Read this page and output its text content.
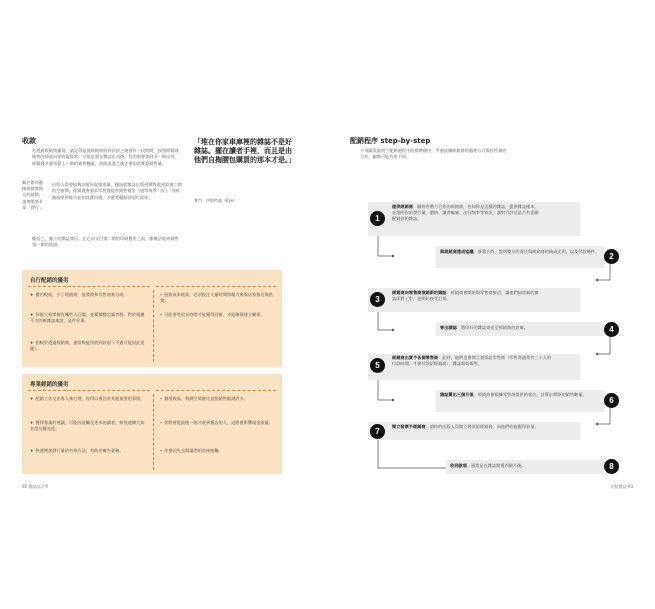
收款
若透過經銷商鋪貨，請記得是從經銷商收到款項之後會有一段時間，按照經銷商販售的情況向你收取貨款。可能是要在雜誌出刊後，有的則會等到下一期出刊，經銷商才會結算上一期的銷售數量，扣除退書之後才會知道實際銷售量。
關於如何選擇經銷商與合約細節，請參閱第８章「發行」。
出版人得要能夠安排好現金流量，撐過從雜誌出版到實際收到款項之間的空窗期，經銷商會要求零售商提供銷售報告（通常每季一次），待經銷商拿到報告並扣除費用後，才會將剩餘款項付給你。
概括之，獨立的雜誌發行，在必須支付第二期的印刷費用之前，都無法收到銷售第一期的款項。
「堆在你家車庫裡的雜誌不是好雜誌。擺在讀者手裡，而且是由他們自掏腰包購買的那本才是。」
實門．伊斯特森（Eye）
自行配銷的優劣
+ 費用較低，少了經銷商、批發商和零售商來分成。
+ 你能大致掌握有哪些人訂閱，並累積穩定讀者群，對於規模不大的新雜誌來說，是件好事。
+ 相較於透過經銷商，通常較能快收到款項（不過可能因此延遲）。
– 投資成本極高，必須投注大量時間和精力來與店家接洽與供貨。
– 可能要等很長時間才能獲得回報，才能確保建立關係。
專業經銷的優劣
+ 配銷工作交由專人來打理，你得以專注於其他重要的事情。
+ 獲得專業的建議，可能因此觸及更多的讀者，如快速擴大知名度及曝光度。
+ 快速增加發行量的有效方法，有助於廣告業務。
– 費用較高，利潤空間會比直接銷售縮減許多。
– 你將會從最後一刻才收到賣店的人，這將會影響現金流量。
– 你會因失去與讀者的直接接觸。
92 雜誌設計學
配銷程序 step-by-step
下列圖表說明了配銷過程中的標準順序，不過依據經銷商的處理方式與你所簽的合約，細節可能有所不同。
1
提供經銷商：聯絡有潛力合作的經銷商，告知你是怎樣的雜誌，提供雜誌樣本，並說明你的發行量、價格、讀者輪廓、出刊頻率等資訊，讓對方評估是否有意願配銷你的雜誌。
2
與經銷商達成協議：簽署合約，說明雙方的責任與經銷商的抽成比例，以及付款條件。
3
經銷商向零售商推銷新的雜誌：經銷商會開始與零售商接洽，讓他們知道新的雜誌即將上市，並開始接受訂貨。
4
寄出雜誌：將印好的雜誌寄送至經銷商的倉庫。
5
經銷商出貨予各個零售商：此時，他們也會開立發票給零售商（零售商通常有三十天的付款時間，才會付款給經銷商），雜誌開始販售。
6
雜誌賣出三個月後：經銷商會根據零售商提供的報告，計算出實際的銷售數量。
7
開立發票予經銷商：請你的出版人員開立發票給經銷商，向他們收取應得款項。
8
收到款項，通常是在雜誌開賣四個月後。
出版雜誌 93
